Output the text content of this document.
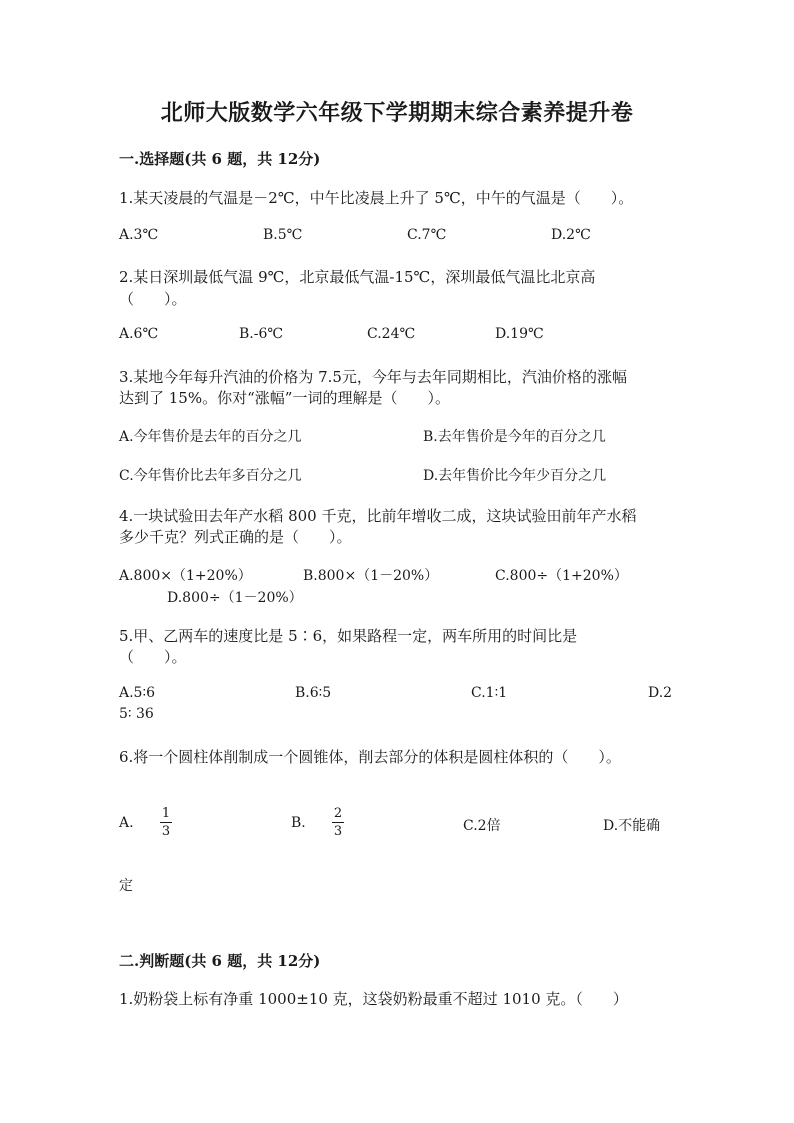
北师大版数学六年级下学期期末综合素养提升卷
一.选择题(共 6 题，共 12分)
1.某天凌晨的气温是－2℃，中午比凌晨上升了 5℃，中午的气温是（　　）。
A.3℃	B.5℃	C.7℃	D.2℃
2.某日深圳最低气温 9℃，北京最低气温-15℃，深圳最低气温比北京高
（　　）。
A.6℃	B.-6℃	C.24℃	D.19℃
3.某地今年每升汽油的价格为 7.5元，今年与去年同期相比，汽油价格的涨幅
达到了 15%。你对“涨幅”一词的理解是（　　）。
A.今年售价是去年的百分之几	B.去年售价是今年的百分之几
C.今年售价比去年多百分之几	D.去年售价比今年少百分之几
4.一块试验田去年产水稻 800 千克，比前年增收二成，这块试验田前年产水稻
多少千克？列式正确的是（　　）。
A.800×（1+20%）	B.800×（1－20%）	C.800÷（1+20%）
D.800÷（1－20%）
5.甲、乙两车的速度比是 5∶6，如果路程一定，两车所用的时间比是
（　　）。
A.5∶6	B.6∶5	C.1∶1	D.2
5∶ 36
6.将一个圆柱体削制成一个圆锥体，削去部分的体积是圆柱体积的（　　）。
A.
1
3
B.
2
3	C.2倍	D.不能确
定
二.判断题(共 6 题，共 12分)
1.奶粉袋上标有净重 1000±10 克，这袋奶粉最重不超过 1010 克。（　　）
